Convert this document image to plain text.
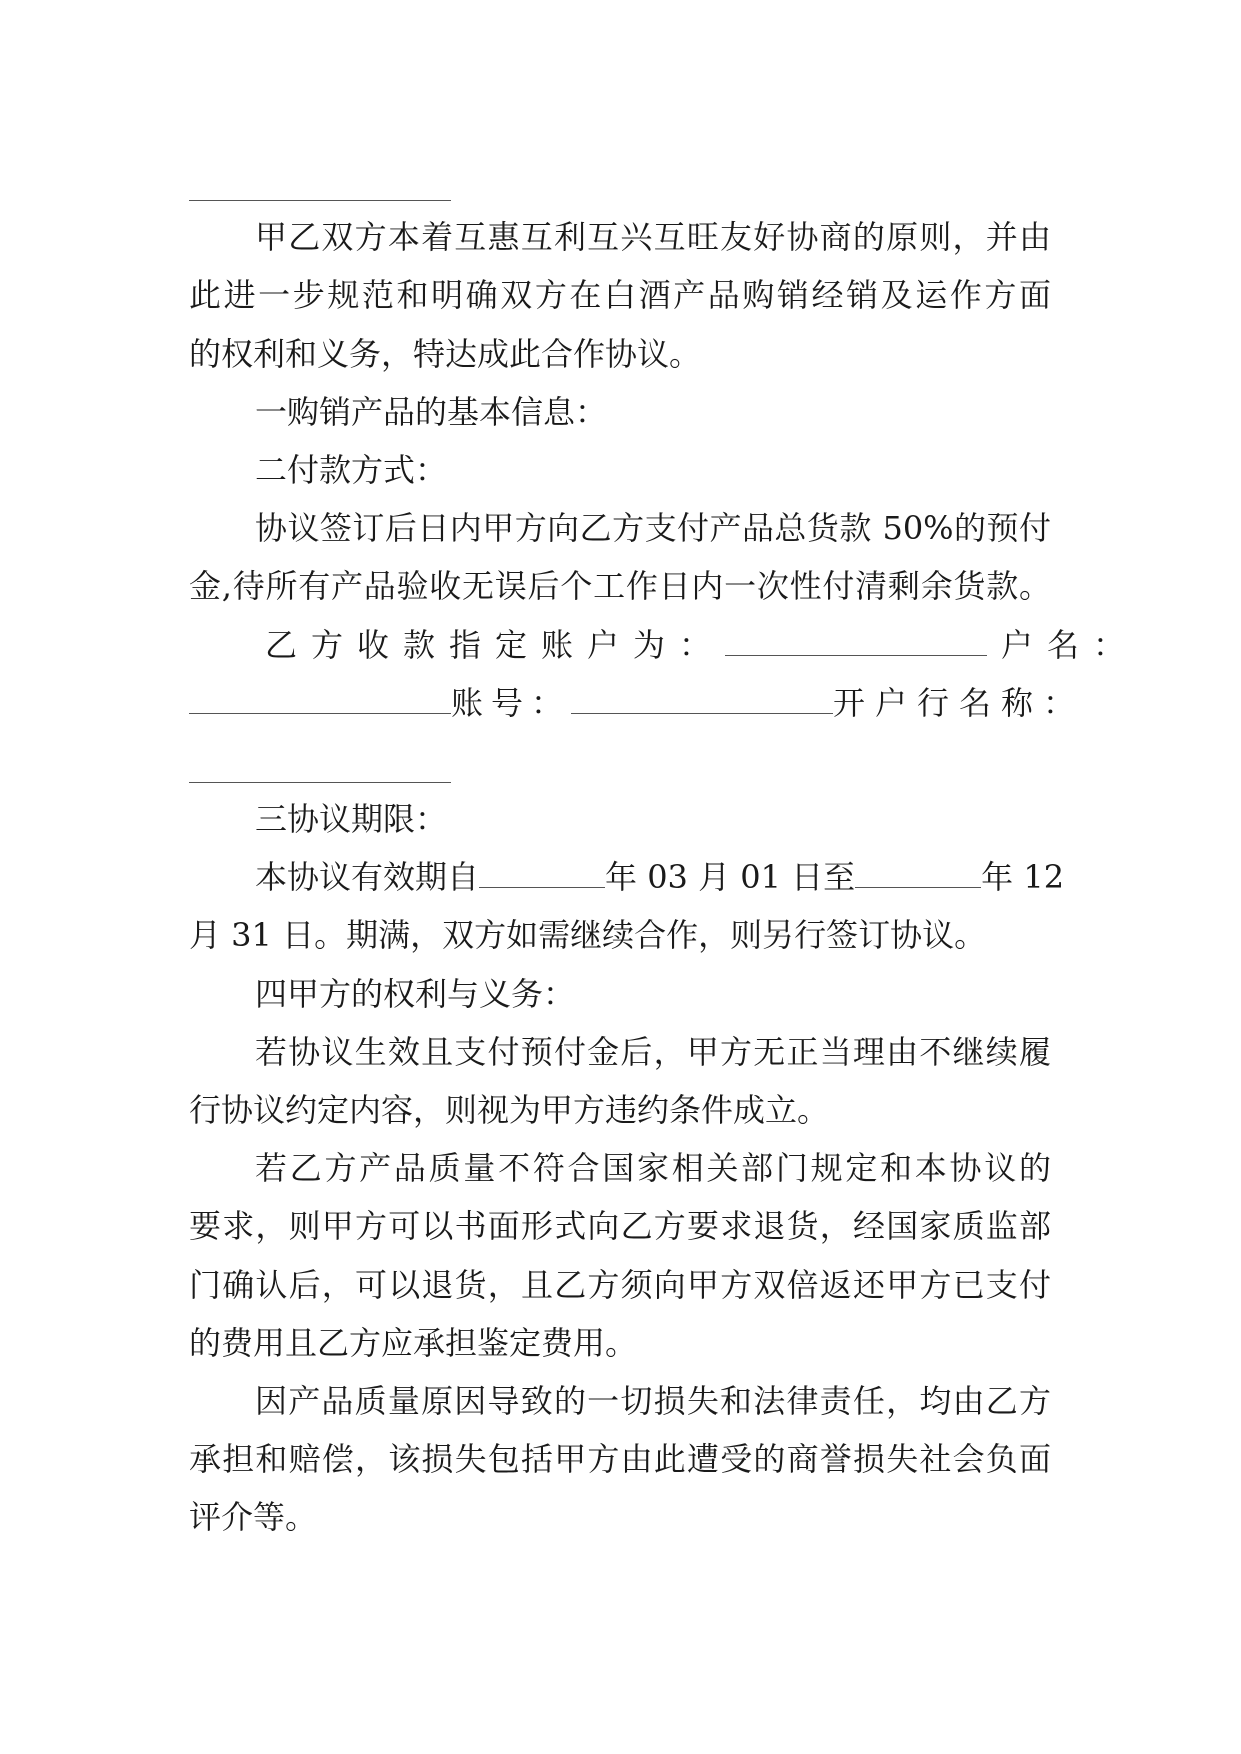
甲乙双方本着互惠互利互兴互旺友好协商的原则，并由
此进一步规范和明确双方在白酒产品购销经销及运作方面
的权利和义务，特达成此合作协议。
一购销产品的基本信息：
二付款方式：
协议签订后日内甲方向乙方支付产品总货款 50%的预付
金,待所有产品验收无误后个工作日内一次性付清剩余货款。
乙方收款指定账户为：	户名：
账号：	开户行名称：
三协议期限：
本协议有效期自	年 03 月 01 日至	年 12
月 31 日。期满，双方如需继续合作，则另行签订协议。
四甲方的权利与义务：
若协议生效且支付预付金后，甲方无正当理由不继续履
行协议约定内容，则视为甲方违约条件成立。
若乙方产品质量不符合国家相关部门规定和本协议的
要求，则甲方可以书面形式向乙方要求退货，经国家质监部
门确认后，可以退货，且乙方须向甲方双倍返还甲方已支付
的费用且乙方应承担鉴定费用。
因产品质量原因导致的一切损失和法律责任，均由乙方
承担和赔偿，该损失包括甲方由此遭受的商誉损失社会负面
评介等。
